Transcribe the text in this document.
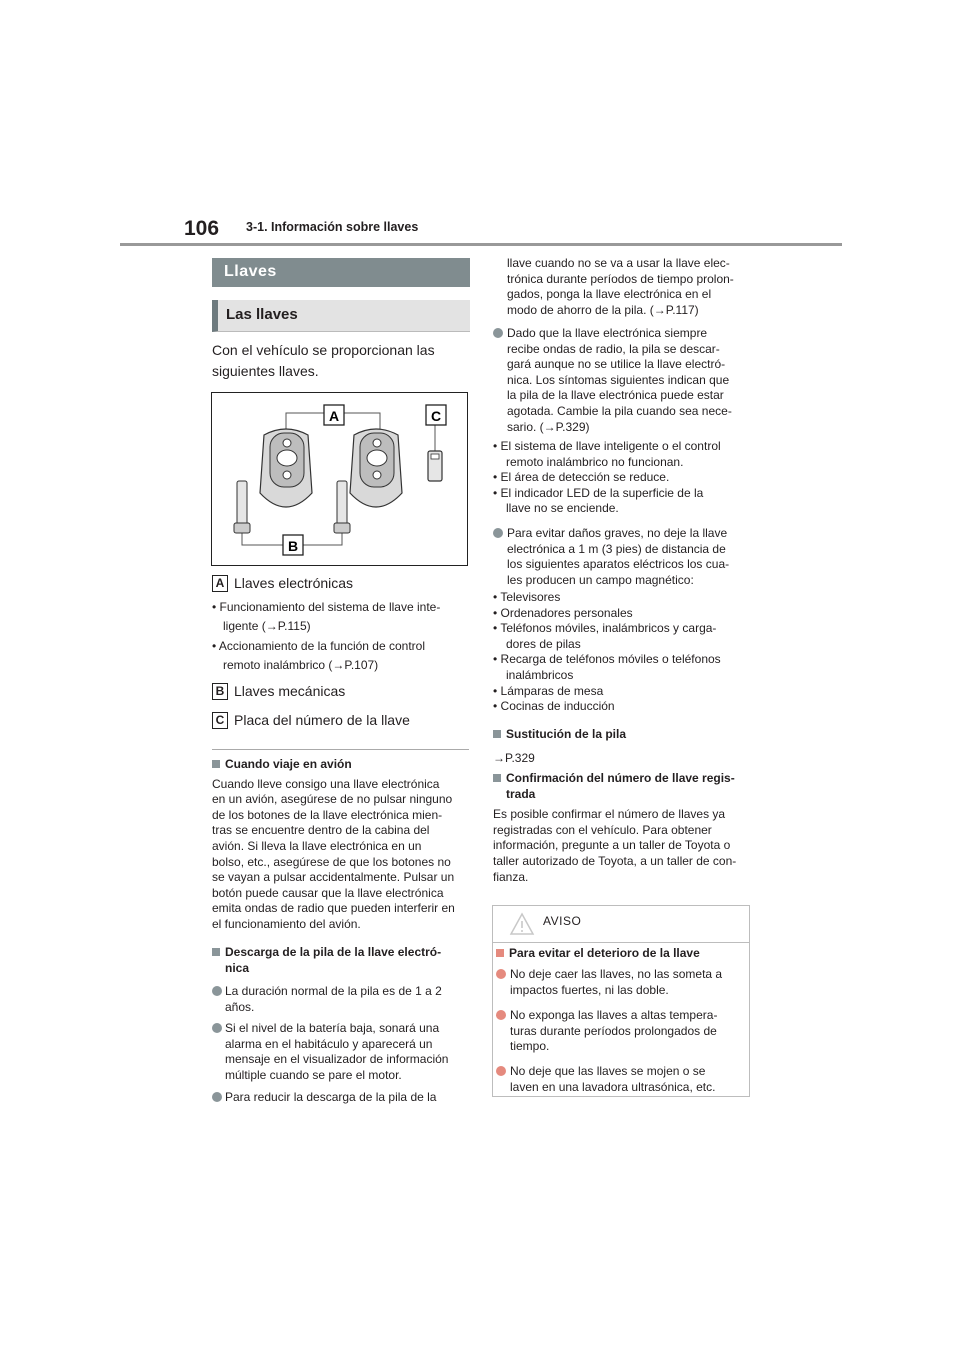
106 3-1. Información sobre llaves
Llaves
Las llaves
Con el vehículo se proporcionan las
siguientes llaves.
A	C
B
A Llaves electrónicas
• Funcionamiento del sistema de llave inte-
ligente (→P.115)
• Accionamiento de la función de control
remoto inalámbrico (→P.107)
B Llaves mecánicas
C Placa del número de la llave
Cuando viaje en avión
Cuando lleve consigo una llave electrónica
en un avión, asegúrese de no pulsar ninguno
de los botones de la llave electrónica mien-
tras se encuentre dentro de la cabina del
avión. Si lleva la llave electrónica en un
bolso, etc., asegúrese de que los botones no
se vayan a pulsar accidentalmente. Pulsar un
botón puede causar que la llave electrónica
emita ondas de radio que pueden interferir en
el funcionamiento del avión.
Descarga de la pila de la llave electró-
nica
La duración normal de la pila es de 1 a 2
años.
Si el nivel de la batería baja, sonará una
alarma en el habitáculo y aparecerá un
mensaje en el visualizador de información
múltiple cuando se pare el motor.
Para reducir la descarga de la pila de la
llave cuando no se va a usar la llave elec-
trónica durante períodos de tiempo prolon-
gados, ponga la llave electrónica en el
modo de ahorro de la pila. (→P.117)
Dado que la llave electrónica siempre
recibe ondas de radio, la pila se descar-
gará aunque no se utilice la llave electró-
nica. Los síntomas siguientes indican que
la pila de la llave electrónica puede estar
agotada. Cambie la pila cuando sea nece-
sario. (→P.329)
• El sistema de llave inteligente o el control
remoto inalámbrico no funcionan.
• El área de detección se reduce.
• El indicador LED de la superficie de la
llave no se enciende.
Para evitar daños graves, no deje la llave
electrónica a 1 m (3 pies) de distancia de
los siguientes aparatos eléctricos los cua-
les producen un campo magnético:
• Televisores
• Ordenadores personales
• Teléfonos móviles, inalámbricos y carga-
dores de pilas
• Recarga de teléfonos móviles o teléfonos
inalámbricos
• Lámparas de mesa
• Cocinas de inducción
Sustitución de la pila
→P.329
Confirmación del número de llave regis-
trada
Es posible confirmar el número de llaves ya
registradas con el vehículo. Para obtener
información, pregunte a un taller de Toyota o
taller autorizado de Toyota, a un taller de con-
fianza.
AVISO
Para evitar el deterioro de la llave
No deje caer las llaves, no las someta a
impactos fuertes, ni las doble.
No exponga las llaves a altas tempera-
turas durante períodos prolongados de
tiempo.
No deje que las llaves se mojen o se
laven en una lavadora ultrasónica, etc.
